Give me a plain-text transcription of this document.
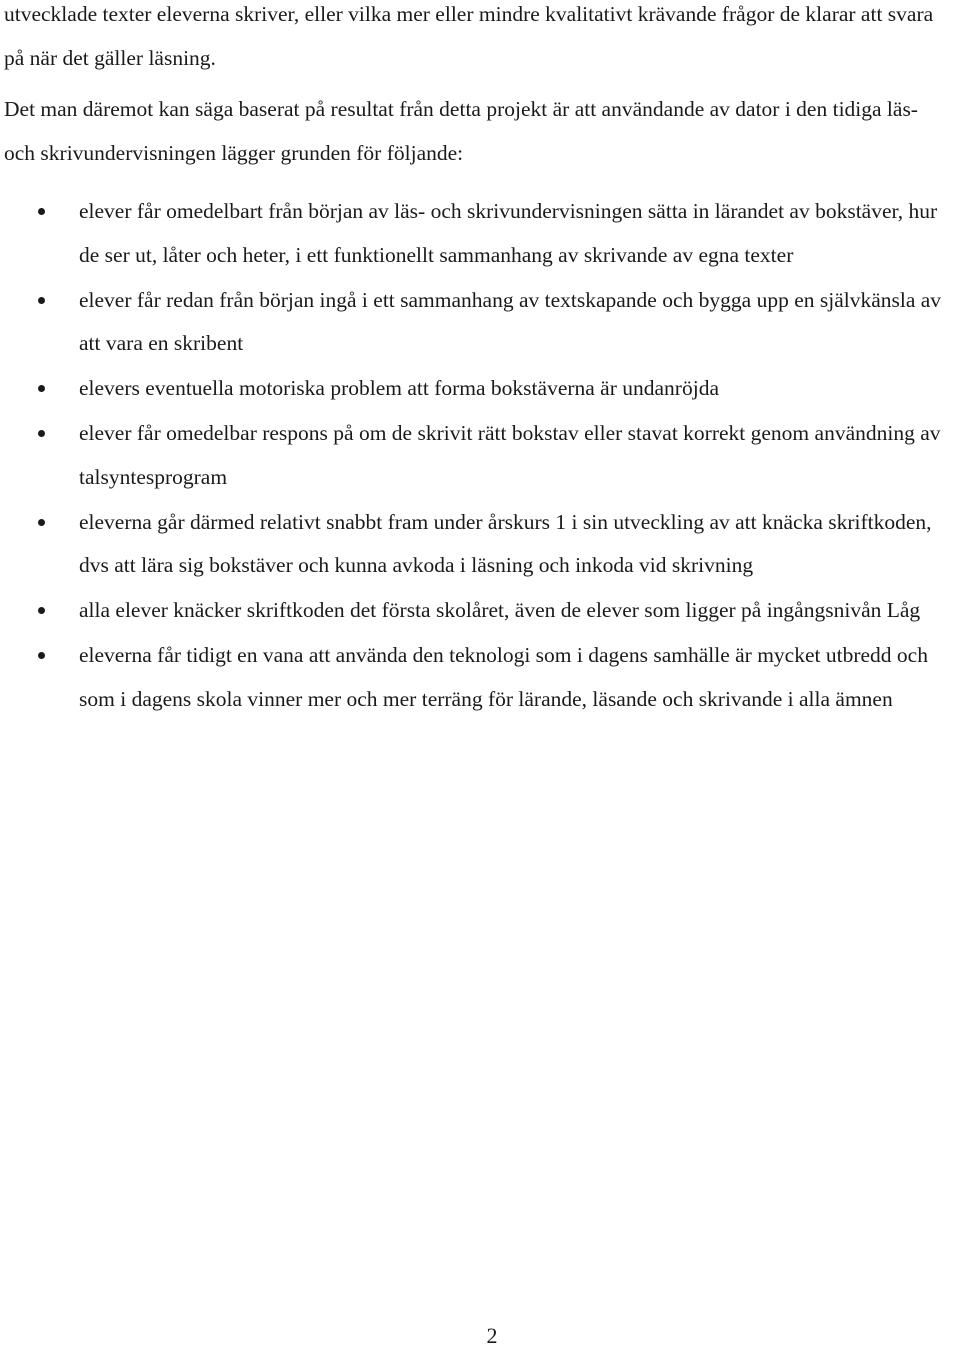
utvecklade texter eleverna skriver, eller vilka mer eller mindre kvalitativt krävande frågor de klarar att svara på när det gäller läsning.

Det man däremot kan säga baserat på resultat från detta projekt är att användande av dator i den tidiga läs- och skrivundervisningen lägger grunden för följande:

elever får omedelbart från början av läs- och skrivundervisningen sätta in lärandet av bokstäver, hur de ser ut, låter och heter, i ett funktionellt sammanhang av skrivande av egna texter
elever får redan från början ingå i ett sammanhang av textskapande och bygga upp en självkänsla av att vara en skribent
elevers eventuella motoriska problem att forma bokstäverna är undanröjda
elever får omedelbar respons på om de skrivit rätt bokstav eller stavat korrekt genom användning av talsyntesprogram
eleverna går därmed relativt snabbt fram under årskurs 1 i sin utveckling av att knäcka skriftkoden, dvs att lära sig bokstäver och kunna avkoda i läsning och inkoda vid skrivning
alla elever knäcker skriftkoden det första skolåret, även de elever som ligger på ingångsnivån Låg
eleverna får tidigt en vana att använda den teknologi som i dagens samhälle är mycket utbredd och som i dagens skola vinner mer och mer terräng för lärande, läsande och skrivande i alla ämnen
2
